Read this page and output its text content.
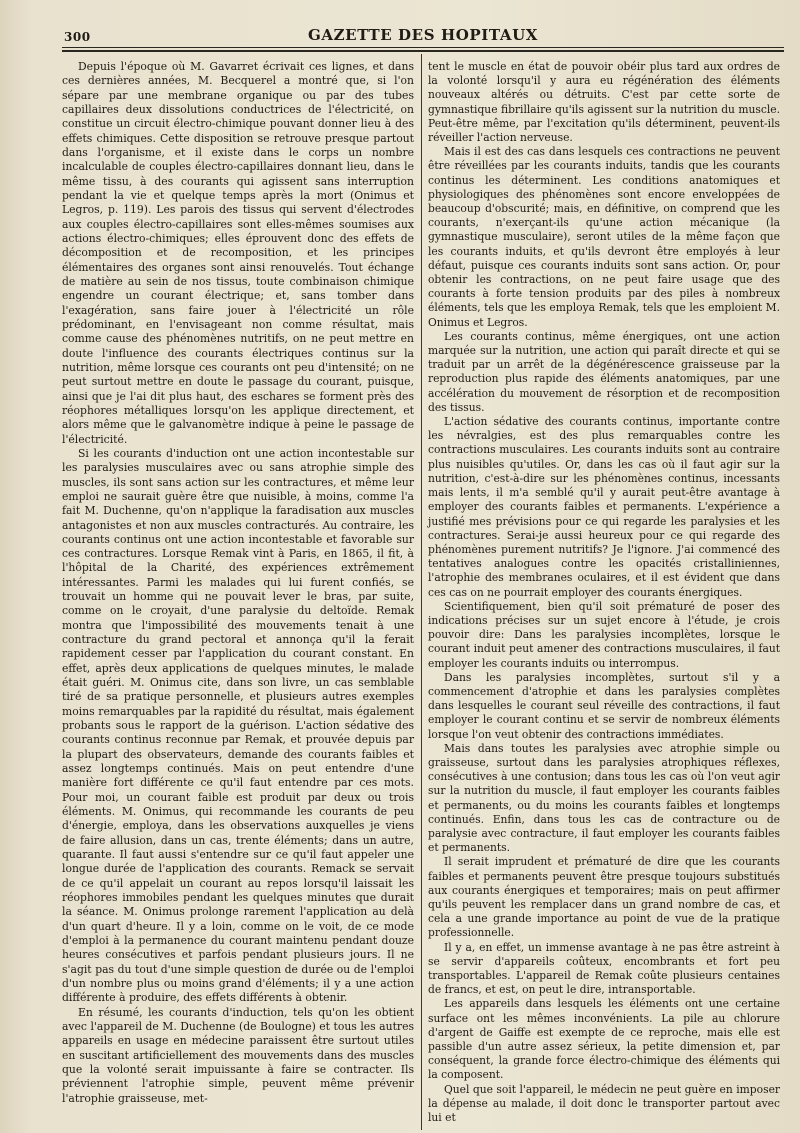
300	GAZETTE DES HOPITAUX

Depuis l'époque où M. Gavarret écrivait ces lignes, et dans ces dernières années, M. Becquerel a montré que, si l'on sépare par une membrane organique ou par des tubes capillaires deux dissolutions conductrices de l'électricité, on constitue un circuit électro-chimique pouvant donner lieu à des effets chimiques. Cette disposition se retrouve presque partout dans l'organisme, et il existe dans le corps un nombre incalculable de couples électro-capillaires donnant lieu, dans le même tissu, à des courants qui agissent sans interruption pendant la vie et quelque temps après la mort (Onimus et Legros, p. 119). Les parois des tissus qui servent d'électrodes aux couples électro-capillaires sont elles-mêmes soumises aux actions électro-chimiques; elles éprouvent donc des effets de décomposition et de recomposition, et les principes élémentaires des organes sont ainsi renouvelés. Tout échange de matière au sein de nos tissus, toute combinaison chimique engendre un courant électrique; et, sans tomber dans l'exagération, sans faire jouer à l'électricité un rôle prédominant, en l'envisageant non comme résultat, mais comme cause des phénomènes nutritifs, on ne peut mettre en doute l'influence des courants électriques continus sur la nutrition, même lorsque ces courants ont peu d'intensité; on ne peut surtout mettre en doute le passage du courant, puisque, ainsi que je l'ai dit plus haut, des eschares se forment près des réophores métalliques lorsqu'on les applique directement, et alors même que le galvanomètre indique à peine le passage de l'électricité.

Si les courants d'induction ont une action incontestable sur les paralysies musculaires avec ou sans atrophie simple des muscles, ils sont sans action sur les contractures, et même leur emploi ne saurait guère être que nuisible, à moins, comme l'a fait M. Duchenne, qu'on n'applique la faradisation aux muscles antagonistes et non aux muscles contracturés. Au contraire, les courants continus ont une action incontestable et favorable sur ces contractures. Lorsque Remak vint à Paris, en 1865, il fit, à l'hôpital de la Charité, des expériences extrêmement intéressantes. Parmi les malades qui lui furent confiés, se trouvait un homme qui ne pouvait lever le bras, par suite, comme on le croyait, d'une paralysie du deltoïde. Remak montra que l'impossibilité des mouvements tenait à une contracture du grand pectoral et annonça qu'il la ferait rapidement cesser par l'application du courant constant. En effet, après deux applications de quelques minutes, le malade était guéri. M. Onimus cite, dans son livre, un cas semblable tiré de sa pratique personnelle, et plusieurs autres exemples moins remarquables par la rapidité du résultat, mais également probants sous le rapport de la guérison. L'action sédative des courants continus reconnue par Remak, et prouvée depuis par la plupart des observateurs, demande des courants faibles et assez longtemps continués. Mais on peut entendre d'une manière fort différente ce qu'il faut entendre par ces mots. Pour moi, un courant faible est produit par deux ou trois éléments. M. Onimus, qui recommande les courants de peu d'énergie, employa, dans les observations auxquelles je viens de faire allusion, dans un cas, trente éléments; dans un autre, quarante. Il faut aussi s'entendre sur ce qu'il faut appeler une longue durée de l'application des courants. Remack se servait de ce qu'il appelait un courant au repos lorsqu'il laissait les réophores immobiles pendant les quelques minutes que durait la séance. M. Onimus prolonge rarement l'application au delà d'un quart d'heure. Il y a loin, comme on le voit, de ce mode d'emploi à la permanence du courant maintenu pendant douze heures consécutives et parfois pendant plusieurs jours. Il ne s'agit pas du tout d'une simple question de durée ou de l'emploi d'un nombre plus ou moins grand d'éléments; il y a une action différente à produire, des effets différents à obtenir.

En résumé, les courants d'induction, tels qu'on les obtient avec l'appareil de M. Duchenne (de Boulogne) et tous les autres appareils en usage en médecine paraissent être surtout utiles en suscitant artificiellement des mouvements dans des muscles que la volonté serait impuissante à faire se contracter. Ils préviennent l'atrophie simple, peuvent même prévenir l'atrophie graisseuse, met-

tent le muscle en état de pouvoir obéir plus tard aux ordres de la volonté lorsqu'il y aura eu régénération des éléments nouveaux altérés ou détruits. C'est par cette sorte de gymnastique fibrillaire qu'ils agissent sur la nutrition du muscle. Peut-être même, par l'excitation qu'ils déterminent, peuvent-ils réveiller l'action nerveuse.

Mais il est des cas dans lesquels ces contractions ne peuvent être réveillées par les courants induits, tandis que les courants continus les déterminent. Les conditions anatomiques et physiologiques des phénomènes sont encore enveloppées de beaucoup d'obscurité; mais, en définitive, on comprend que les courants, n'exerçant-ils qu'une action mécanique (la gymnastique musculaire), seront utiles de la même façon que les courants induits, et qu'ils devront être employés à leur défaut, puisque ces courants induits sont sans action. Or, pour obtenir les contractions, on ne peut faire usage que des courants à forte tension produits par des piles à nombreux éléments, tels que les employa Remak, tels que les emploient M. Onimus et Legros.

Les courants continus, même énergiques, ont une action marquée sur la nutrition, une action qui paraît directe et qui se traduit par un arrêt de la dégénérescence graisseuse par la reproduction plus rapide des éléments anatomiques, par une accélération du mouvement de résorption et de recomposition des tissus.

L'action sédative des courants continus, importante contre les névralgies, est des plus remarquables contre les contractions musculaires. Les courants induits sont au contraire plus nuisibles qu'utiles. Or, dans les cas où il faut agir sur la nutrition, c'est-à-dire sur les phénomènes continus, incessants mais lents, il m'a semblé qu'il y aurait peut-être avantage à employer des courants faibles et permanents. L'expérience a justifié mes prévisions pour ce qui regarde les paralysies et les contractures. Serai-je aussi heureux pour ce qui regarde des phénomènes purement nutritifs? Je l'ignore. J'ai commencé des tentatives analogues contre les opacités cristalliniennes, l'atrophie des membranes oculaires, et il est évident que dans ces cas on ne pourrait employer des courants énergiques.

Scientifiquement, bien qu'il soit prématuré de poser des indications précises sur un sujet encore à l'étude, je crois pouvoir dire: Dans les paralysies incomplètes, lorsque le courant induit peut amener des contractions musculaires, il faut employer les courants induits ou interrompus.

Dans les paralysies incomplètes, surtout s'il y a commencement d'atrophie et dans les paralysies complètes dans lesquelles le courant seul réveille des contractions, il faut employer le courant continu et se servir de nombreux éléments lorsque l'on veut obtenir des contractions immédiates.

Mais dans toutes les paralysies avec atrophie simple ou graisseuse, surtout dans les paralysies atrophiques réflexes, consécutives à une contusion; dans tous les cas où l'on veut agir sur la nutrition du muscle, il faut employer les courants faibles et permanents, ou du moins les courants faibles et longtemps continués. Enfin, dans tous les cas de contracture ou de paralysie avec contracture, il faut employer les courants faibles et permanents.

Il serait imprudent et prématuré de dire que les courants faibles et permanents peuvent être presque toujours substitués aux courants énergiques et temporaires; mais on peut affirmer qu'ils peuvent les remplacer dans un grand nombre de cas, et cela a une grande importance au point de vue de la pratique professionnelle.

Il y a, en effet, un immense avantage à ne pas être astreint à se servir d'appareils coûteux, encombrants et fort peu transportables. L'appareil de Remak coûte plusieurs centaines de francs, et est, on peut le dire, intransportable.

Les appareils dans lesquels les éléments ont une certaine surface ont les mêmes inconvénients. La pile au chlorure d'argent de Gaiffe est exempte de ce reproche, mais elle est passible d'un autre assez sérieux, la petite dimension et, par conséquent, la grande force électro-chimique des éléments qui la composent.

Quel que soit l'appareil, le médecin ne peut guère en imposer la dépense au malade, il doit donc le transporter partout avec lui et
